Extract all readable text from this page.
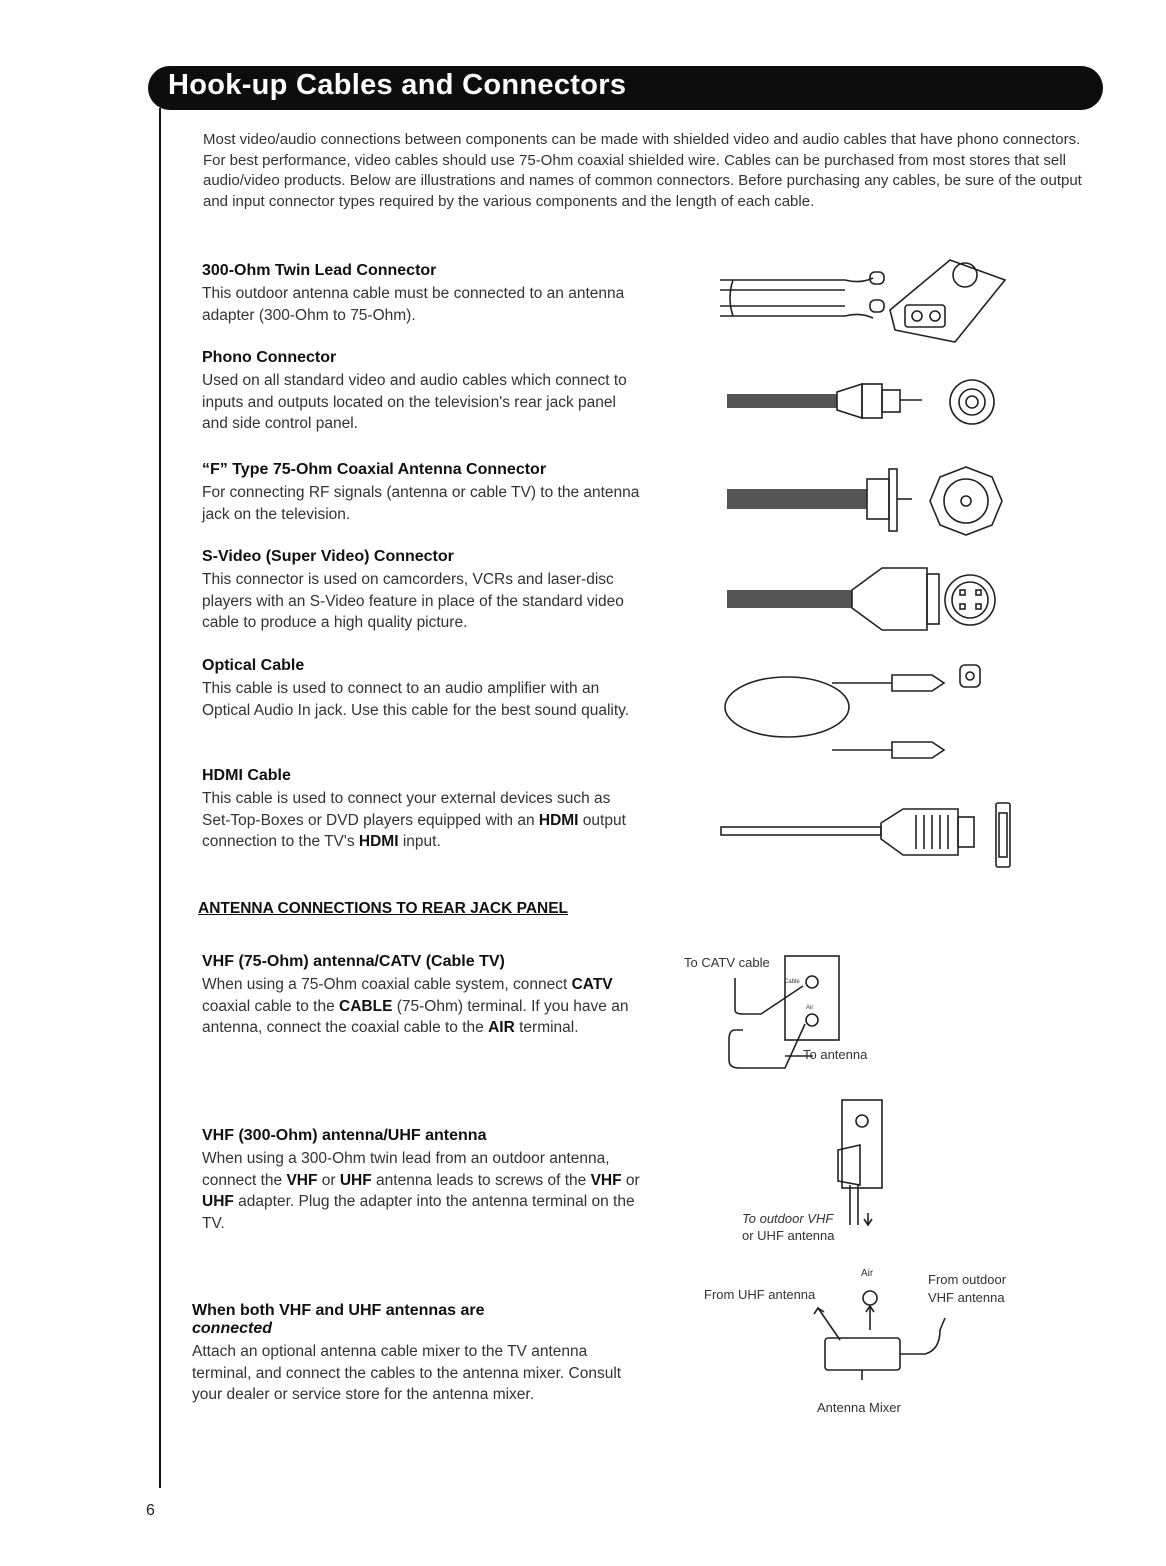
Hook-up Cables and Connectors
Most video/audio connections between components can be made with shielded video and audio cables that have phono connectors. For best performance, video cables should use 75-Ohm coaxial shielded wire. Cables can be purchased from most stores that sell audio/video products. Below are illustrations and names of common connectors. Before purchasing any cables, be sure of the output and input connector types required by the various components and the length of each cable.
300-Ohm Twin Lead Connector

This outdoor antenna cable must be connected to an antenna adapter (300-Ohm to 75-Ohm).

Phono Connector

Used on all standard video and audio cables which connect to inputs and outputs located on the television's rear jack panel and side control panel.

“F” Type 75-Ohm Coaxial Antenna Connector

For connecting RF signals (antenna or cable TV) to the antenna jack on the television.

S-Video (Super Video) Connector

This connector is used on camcorders, VCRs and laser-disc players with an S-Video feature in place of the standard video cable to produce a high quality picture.

Optical Cable

This cable is used to connect to an audio amplifier with an Optical Audio In jack. Use this cable for the best sound quality.

HDMI Cable

This cable is used to connect your external devices such as Set-Top-Boxes or DVD players equipped with an HDMI output connection to the TV's HDMI input.

ANTENNA CONNECTIONS TO REAR JACK PANEL
VHF (75-Ohm) antenna/CATV (Cable TV)

When using a 75-Ohm coaxial cable system, connect CATV coaxial cable to the CABLE (75-Ohm) terminal. If you have an antenna, connect the coaxial cable to the AIR terminal.

VHF (300-Ohm) antenna/UHF antenna

When using a 300-Ohm twin lead from an outdoor antenna, connect the VHF or UHF antenna leads to screws of the VHF or UHF adapter. Plug the adapter into the antenna terminal on the TV.

When both VHF and UHF antennas are
connected

Attach an optional antenna cable mixer to the TV antenna terminal, and connect the cables to the antenna mixer. Consult your dealer or service store for the antenna mixer.

To CATV cable
Cable
Air
To antenna
To outdoor VHF
or UHF antenna
Air
From UHF antenna
From outdoor
VHF antenna
Antenna Mixer
6
